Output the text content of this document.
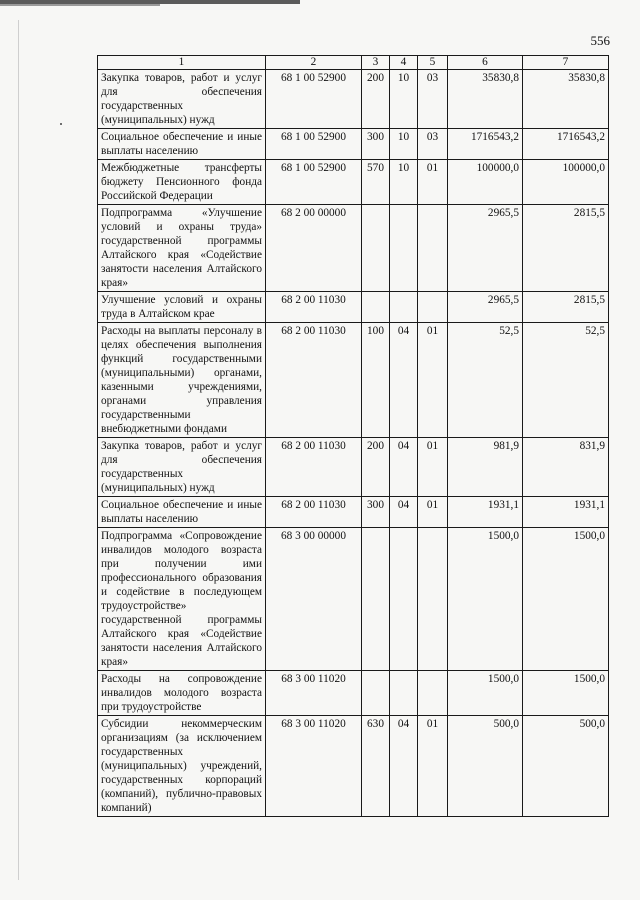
556
1	2	3	4	5	6	7
Закупка товаров, работ и услуг для обеспечения государственных (муниципальных) нужд	68 1 00 52900	200	10	03	35830,8	35830,8
Социальное обеспечение и иные выплаты населению	68 1 00 52900	300	10	03	1716543,2	1716543,2
Межбюджетные трансферты бюджету Пенсионного фонда Российской Федерации	68 1 00 52900	570	10	01	100000,0	100000,0
Подпрограмма «Улучшение условий и охраны труда» государственной программы Алтайского края «Содействие занятости населения Алтайского края»	68 2 00 00000				2965,5	2815,5
Улучшение условий и охраны труда в Алтайском крае	68 2 00 11030				2965,5	2815,5
Расходы на выплаты персоналу в целях обеспечения выполнения функций государственными (муниципальными) органами, казенными учреждениями, органами управления государственными внебюджетными фондами	68 2 00 11030	100	04	01	52,5	52,5
Закупка товаров, работ и услуг для обеспечения государственных (муниципальных) нужд	68 2 00 11030	200	04	01	981,9	831,9
Социальное обеспечение и иные выплаты населению	68 2 00 11030	300	04	01	1931,1	1931,1
Подпрограмма «Сопровождение инвалидов молодого возраста при получении ими профессионального образования и содействие в последующем трудоустройстве» государственной программы Алтайского края «Содействие занятости населения Алтайского края»	68 3 00 00000				1500,0	1500,0
Расходы на сопровождение инвалидов молодого возраста при трудоустройстве	68 3 00 11020				1500,0	1500,0
Субсидии некоммерческим организациям (за исключением государственных (муниципальных) учреждений, государственных корпораций (компаний), публично-правовых компаний)	68 3 00 11020	630	04	01	500,0	500,0
